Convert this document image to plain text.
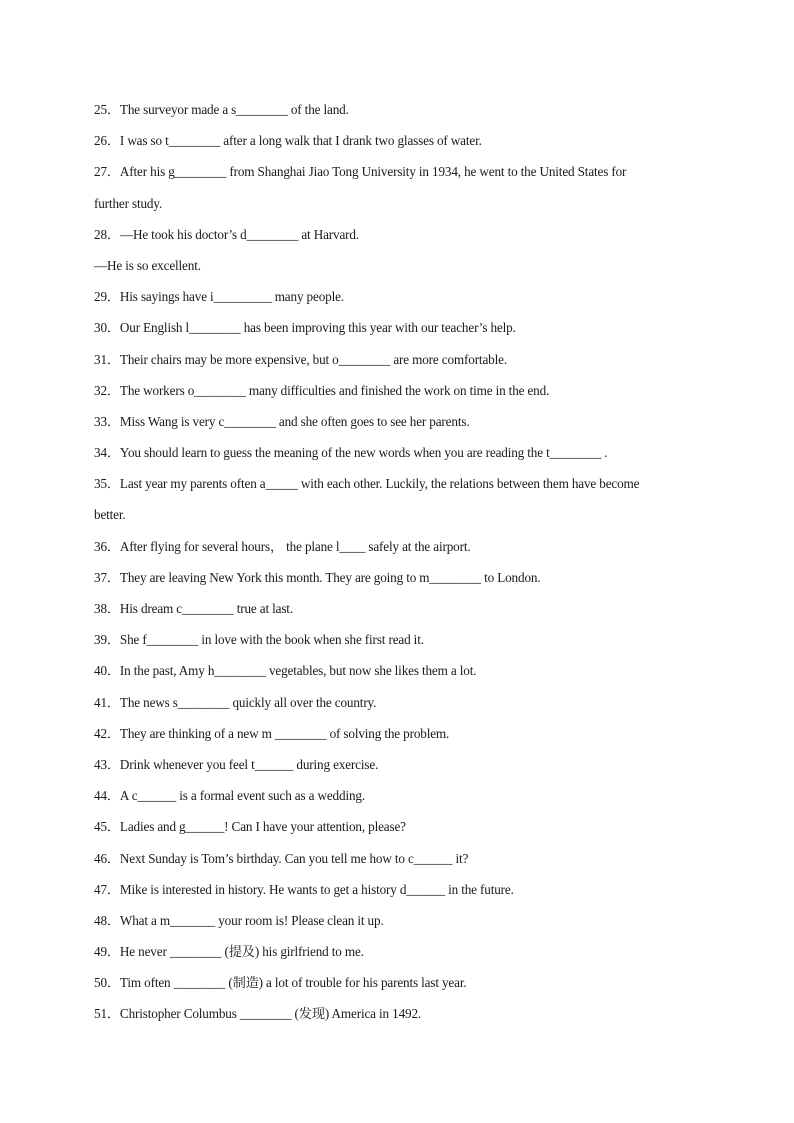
25．The surveyor made a s________ of the land.
26．I was so t________ after a long walk that I drank two glasses of water.
27．After his g________ from Shanghai Jiao Tong University in 1934, he went to the United States for
further study.
28．—He took his doctor’s d________ at Harvard.
—He is so excellent.
29．His sayings have i_________ many people.
30．Our English l________ has been improving this year with our teacher’s help.
31．Their chairs may be more expensive, but o________ are more comfortable.
32．The workers o________ many difficulties and finished the work on time in the end.
33．Miss Wang is very c________ and she often goes to see her parents.
34．You should learn to guess the meaning of the new words when you are reading the t________ .
35．Last year my parents often a_____ with each other. Luckily, the relations between them have become
better.
36．After flying for several hours， the plane l____ safely at the airport.
37．They are leaving New York this month. They are going to m________ to London.
38．His dream c________ true at last.
39．She f________ in love with the book when she first read it.
40．In the past, Amy h________ vegetables, but now she likes them a lot.
41．The news s________ quickly all over the country.
42．They are thinking of a new m ________ of solving the problem.
43．Drink whenever you feel t______ during exercise.
44．A c______ is a formal event such as a wedding.
45．Ladies and g______! Can I have your attention, please?
46．Next Sunday is Tom’s birthday. Can you tell me how to c______ it?
47．Mike is interested in history. He wants to get a history d______ in the future.
48．What a m_______ your room is! Please clean it up.
49．He never ________ (提及) his girlfriend to me.
50．Tim often ________ (制造) a lot of trouble for his parents last year.
51．Christopher Columbus ________ (发现) America in 1492.
